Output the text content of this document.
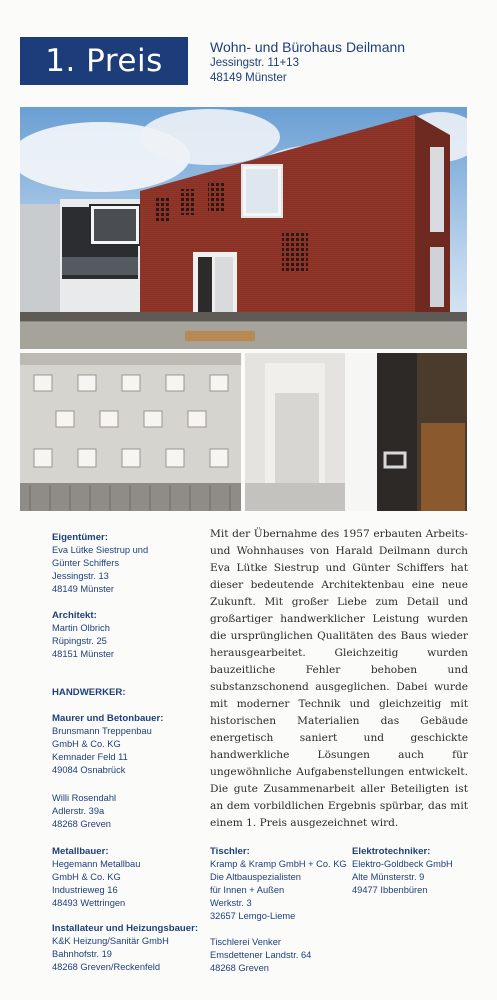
1. Preis	Wohn- und Bürohaus Deilmann
Jessingstr. 11+13
48149 Münster
Eigentümer:
Eva Lütke Siestrup und
Günter Schiffers
Jessingstr. 13
48149 Münster
Architekt:
Martin Olbrich
Rüpingstr. 25
48151 Münster
HANDWERKER:
Maurer und Betonbauer:
Brunsmann Treppenbau
GmbH & Co. KG
Kemnader Feld 11
49084 Osnabrück
Willi Rosendahl
Adlerstr. 39a
48268 Greven
Metallbauer:
Hegemann Metallbau
GmbH & Co. KG
Industrieweg 16
48493 Wettringen
Installateur und Heizungsbauer:
K&K Heizung/Sanitär GmbH
Bahnhofstr. 19
48268 Greven/Reckenfeld

Mit der Übernahme des 1957 erbauten Arbeits- und Wohnhauses von Harald Deilmann durch Eva Lütke Siestrup und Günter Schiffers hat dieser bedeutende Architektenbau eine neue Zukunft. Mit großer Liebe zum Detail und großartiger handwerklicher Leistung wurden die ursprünglichen Qualitäten des Baus wieder herausgearbeitet. Gleichzeitig wurden bauzeitliche Fehler behoben und substanzschonend ausgeglichen. Dabei wurde mit moderner Technik und gleichzeitig mit historischen Materialien das Gebäude energetisch saniert und geschickte handwerkliche Lösungen auch für ungewöhnliche Aufgabenstellungen entwickelt. Die gute Zusammenarbeit aller Beteiligten ist an dem vorbildlichen Ergebnis spürbar, das mit einem 1. Preis ausgezeichnet wird.

Tischler:
Kramp & Kramp GmbH + Co. KG
Die Altbauspezialisten
für Innen + Außen
Werkstr. 3
32657 Lemgo-Lieme
Tischlerei Venker
Emsdettener Landstr. 64
48268 Greven
Elektrotechniker:
Elektro-Goldbeck GmbH
Alte Münsterstr. 9
49477 Ibbenbüren
